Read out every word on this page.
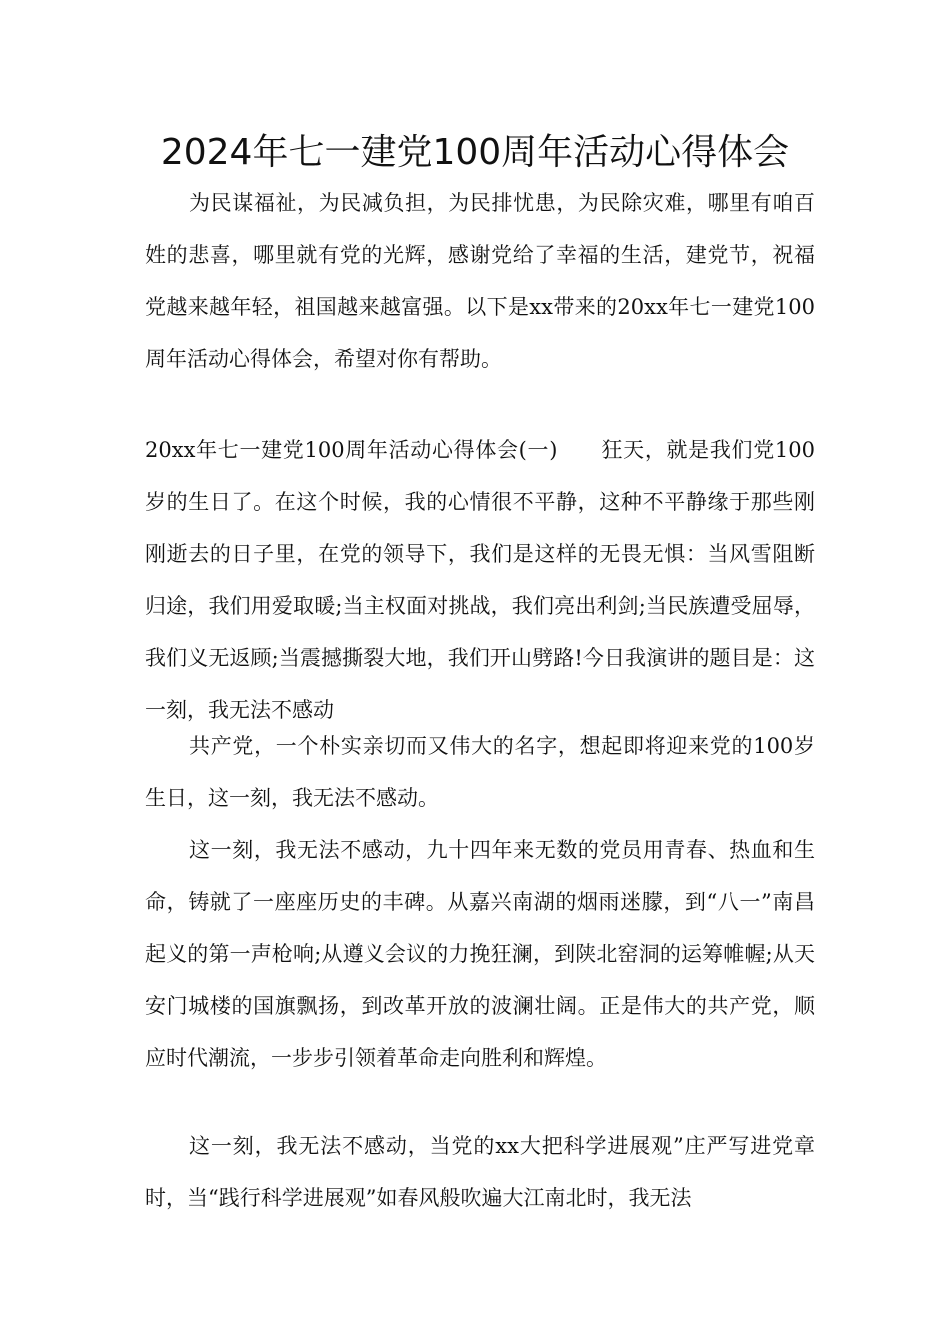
2024年七一建党100周年活动心得体会

为民谋福祉，为民减负担，为民排忧患，为民除灾难，哪里有咱百姓的悲喜，哪里就有党的光辉，感谢党给了幸福的生活，建党节，祝福党越来越年轻，祖国越来越富强。以下是xx带来的20xx年七一建党100周年活动心得体会，希望对你有帮助。

20xx年七一建党100周年活动心得体会(一)　　狂天，就是我们党100岁的生日了。在这个时候，我的心情很不平静，这种不平静缘于那些刚刚逝去的日子里，在党的领导下，我们是这样的无畏无惧：当风雪阻断归途，我们用爱取暖;当主权面对挑战，我们亮出利剑;当民族遭受屈辱，我们义无返顾;当震撼撕裂大地，我们开山劈路!今日我演讲的题目是：这一刻，我无法不感动

共产党，一个朴实亲切而又伟大的名字，想起即将迎来党的100岁生日，这一刻，我无法不感动。

这一刻，我无法不感动，九十四年来无数的党员用青春、热血和生命，铸就了一座座历史的丰碑。从嘉兴南湖的烟雨迷朦，到“八一”南昌起义的第一声枪响;从遵义会议的力挽狂澜，到陕北窑洞的运筹帷幄;从天安门城楼的国旗飘扬，到改革开放的波澜壮阔。正是伟大的共产党，顺应时代潮流，一步步引领着革命走向胜利和辉煌。

这一刻，我无法不感动，当党的xx大把科学进展观”庄严写进党章时，当“践行科学进展观”如春风般吹遍大江南北时，我无法
